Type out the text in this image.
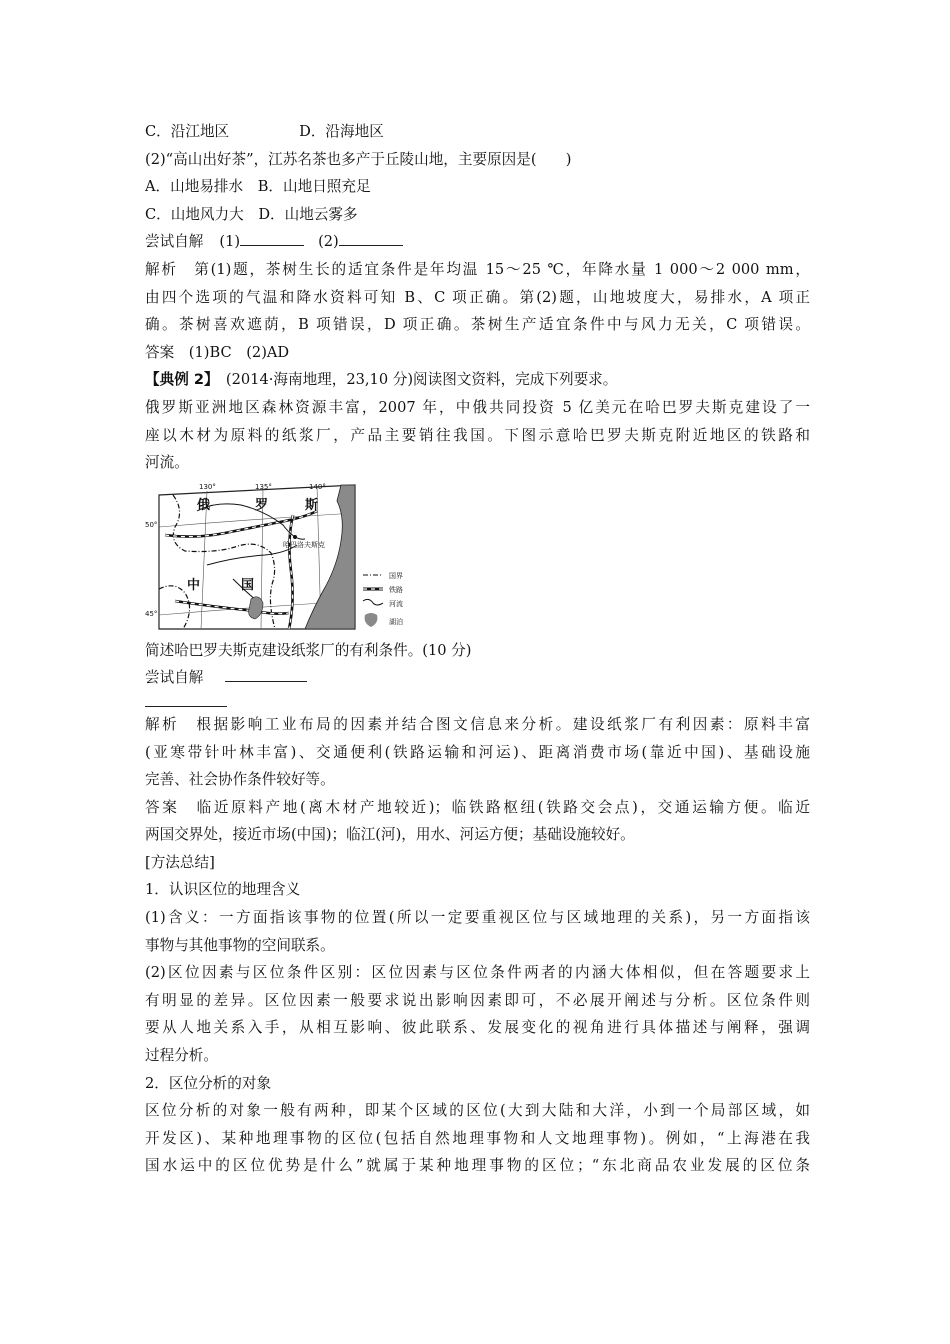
C．沿江地区	D．沿海地区
(2)“高山出好茶”，江苏名茶也多产于丘陵山地，主要原因是(　　)
A．山地易排水　B．山地日照充足
C．山地风力大　D．山地云雾多
尝试自解 (1)	(2)
解析　第(1)题，茶树生长的适宜条件是年均温 15～25 ℃，年降水量 1 000～2 000 mm，
由四个选项的气温和降水资料可知 B、C 项正确。第(2)题，山地坡度大，易排水，A 项正
确。茶树喜欢遮荫，B 项错误，D 项正确。茶树生产适宜条件中与风力无关，C 项错误。
答案　(1)BC　(2)AD
【典例 2】　(2014·海南地理，23,10 分)阅读图文资料，完成下列要求。
俄罗斯亚洲地区森林资源丰富，2007 年，中俄共同投资 5 亿美元在哈巴罗夫斯克建设了一
座以木材为原料的纸浆厂，产品主要销往我国。下图示意哈巴罗夫斯克附近地区的铁路和
河流。
130°	135°	140°
50°
45°
俄	罗	斯
中	国
哈巴洛夫斯克
国界
铁路
河流
湖泊
简述哈巴罗夫斯克建设纸浆厂的有利条件。(10 分)
尝试自解
解析　根据影响工业布局的因素并结合图文信息来分析。建设纸浆厂有利因素：原料丰富
(亚寒带针叶林丰富)、交通便利(铁路运输和河运)、距离消费市场(靠近中国)、基础设施
完善、社会协作条件较好等。
答案　临近原料产地(离木材产地较近)；临铁路枢纽(铁路交会点)，交通运输方便。临近
两国交界处，接近市场(中国)；临江(河)，用水、河运方便；基础设施较好。
[方法总结]
1．认识区位的地理含义
(1)含义：一方面指该事物的位置(所以一定要重视区位与区域地理的关系)，另一方面指该
事物与其他事物的空间联系。
(2)区位因素与区位条件区别：区位因素与区位条件两者的内涵大体相似，但在答题要求上
有明显的差异。区位因素一般要求说出影响因素即可，不必展开阐述与分析。区位条件则
要从人地关系入手，从相互影响、彼此联系、发展变化的视角进行具体描述与阐释，强调
过程分析。
2．区位分析的对象
区位分析的对象一般有两种，即某个区域的区位(大到大陆和大洋，小到一个局部区域，如
开发区)、某种地理事物的区位(包括自然地理事物和人文地理事物)。例如，“上海港在我
国水运中的区位优势是什么”就属于某种地理事物的区位；“东北商品农业发展的区位条
